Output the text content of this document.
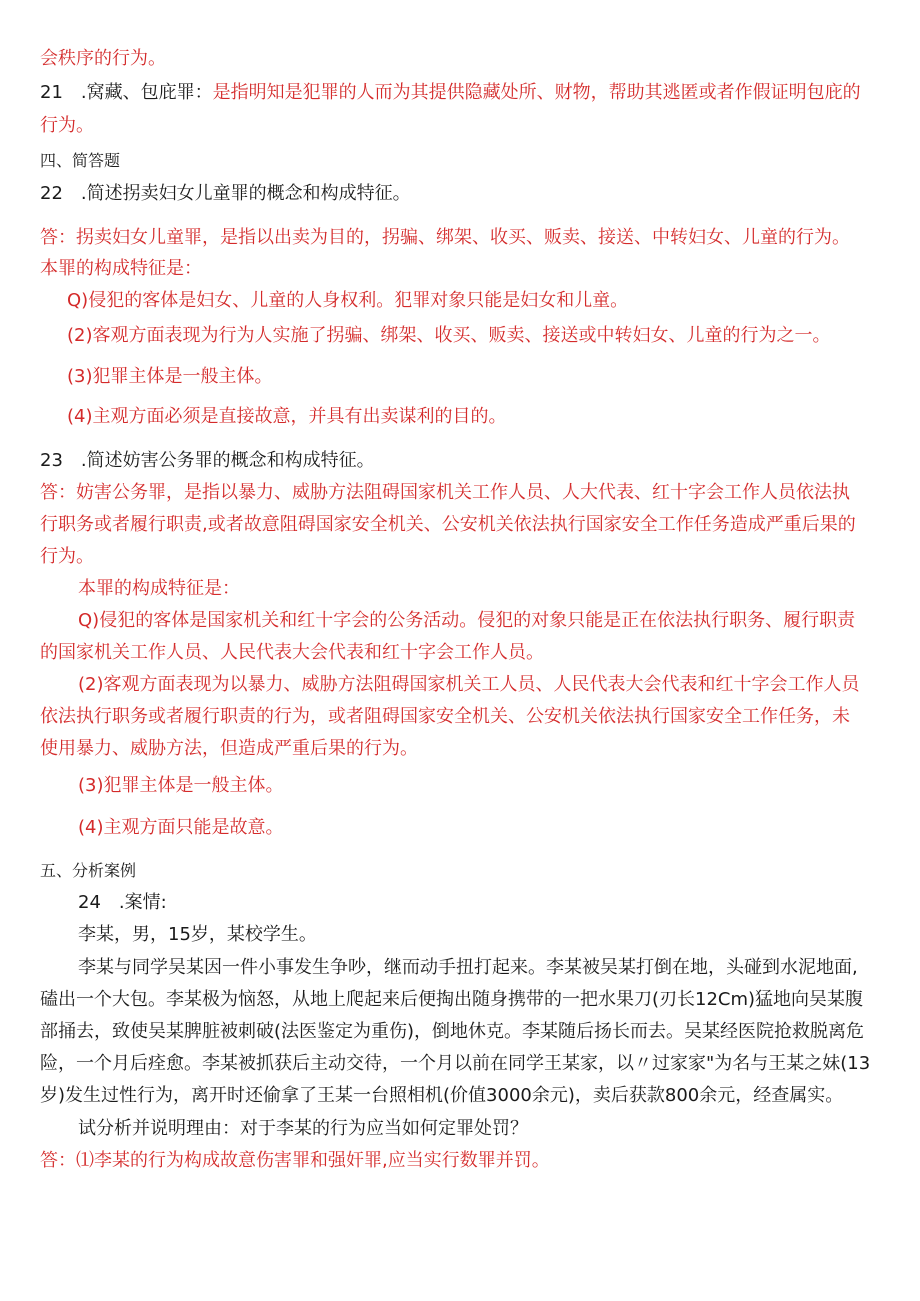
会秩序的行为。
21　.窝藏、包庇罪：是指明知是犯罪的人而为其提供隐藏处所、财物，帮助其逃匿或者作假证明包庇的
行为。
四、简答题
22　.简述拐卖妇女儿童罪的概念和构成特征。
答：拐卖妇女儿童罪，是指以出卖为目的，拐骗、绑架、收买、贩卖、接送、中转妇女、儿童的行为。
本罪的构成特征是：
Q)侵犯的客体是妇女、儿童的人身权利。犯罪对象只能是妇女和儿童。
(2)客观方面表现为行为人实施了拐骗、绑架、收买、贩卖、接送或中转妇女、儿童的行为之一。
(3)犯罪主体是一般主体。
(4)主观方面必须是直接故意，并具有出卖谋利的目的。
23　.简述妨害公务罪的概念和构成特征。
答：妨害公务罪，是指以暴力、威胁方法阻碍国家机关工作人员、人大代表、红十字会工作人员依法执
行职务或者履行职责,或者故意阻碍国家安全机关、公安机关依法执行国家安全工作任务造成严重后果的
行为。
本罪的构成特征是：
Q)侵犯的客体是国家机关和红十字会的公务活动。侵犯的对象只能是正在依法执行职务、履行职责
的国家机关工作人员、人民代表大会代表和红十字会工作人员。
(2)客观方面表现为以暴力、威胁方法阻碍国家机关工人员、人民代表大会代表和红十字会工作人员
依法执行职务或者履行职责的行为，或者阻碍国家安全机关、公安机关依法执行国家安全工作任务，未
使用暴力、威胁方法，但造成严重后果的行为。
(3)犯罪主体是一般主体。
(4)主观方面只能是故意。
五、分析案例
24　.案情:
李某，男，15岁，某校学生。
李某与同学吴某因一件小事发生争吵，继而动手扭打起来。李某被吴某打倒在地，头碰到水泥地面,
磕出一个大包。李某极为恼怒，从地上爬起来后便掏出随身携带的一把水果刀(刃长12Cm)猛地向吴某腹
部捅去，致使吴某脾脏被刺破(法医鉴定为重伤)，倒地休克。李某随后扬长而去。吴某经医院抢救脱离危
险，一个月后痊愈。李某被抓获后主动交待，一个月以前在同学王某家，以〃过家家"为名与王某之妹(13
岁)发生过性行为，离开时还偷拿了王某一台照相机(价值3000余元)，卖后获款800余元，经查属实。
试分析并说明理由：对于李某的行为应当如何定罪处罚？
答：⑴李某的行为构成故意伤害罪和强奸罪,应当实行数罪并罚。
